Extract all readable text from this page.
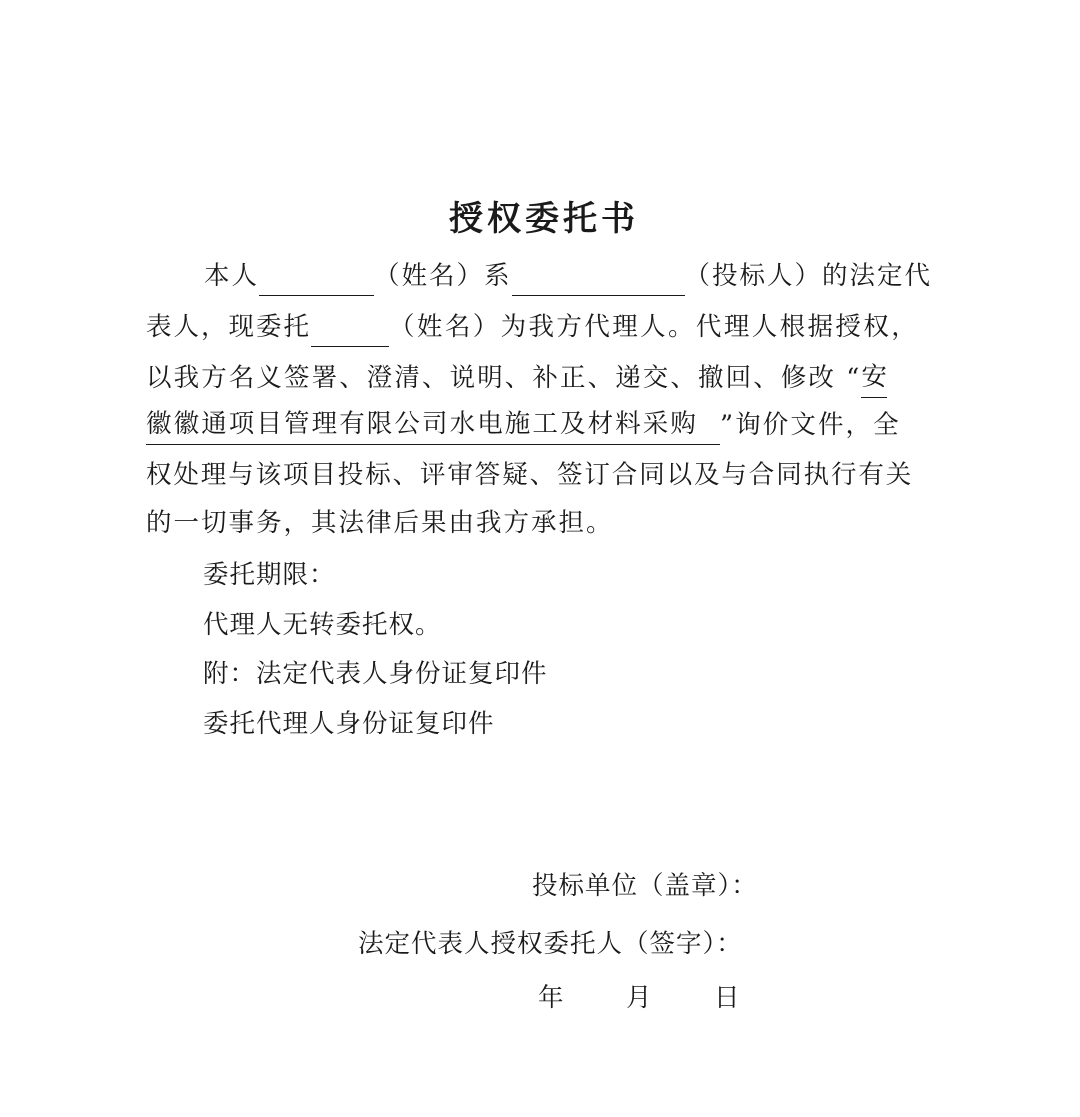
授权委托书
本人	（姓名）系	（投标人）的法定代
表人，现委托	（姓名）为我方代理人。代理人根据授权，
以我方名义签署、澄清、说明、补正、递交、撤回、修改 “ 安
徽徽通项目管理有限公司水电施工及材料采购 ”询价文件，全
权处理与该项目投标、评审答疑、签订合同以及与合同执行有关
的一切事务，其法律后果由我方承担。
委托期限：
代理人无转委托权。
附：法定代表人身份证复印件
委托代理人身份证复印件
投标单位（盖章）：
法定代表人授权委托人（签字）：
年 月 日
